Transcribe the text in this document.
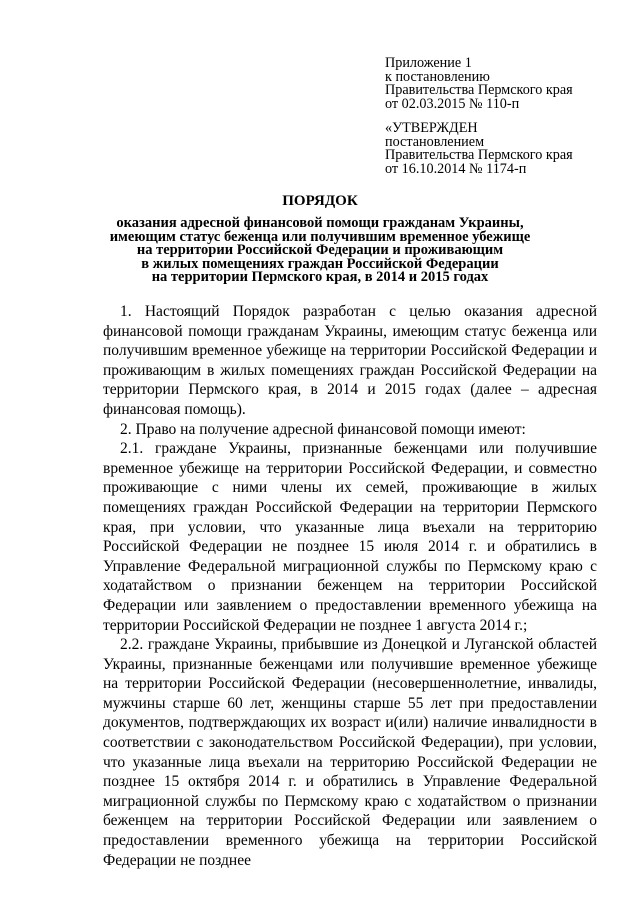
Приложение 1
к постановлению
Правительства Пермского края
от 02.03.2015 № 110-п
«УТВЕРЖДЕН
постановлением
Правительства Пермского края
от 16.10.2014 № 1174-п
ПОРЯДОК
оказания адресной финансовой помощи гражданам Украины,
имеющим статус беженца или получившим временное убежище
на территории Российской Федерации и проживающим
в жилых помещениях граждан Российской Федерации
на территории Пермского края, в 2014 и 2015 годах

1. Настоящий Порядок разработан с целью оказания адресной финансовой помощи гражданам Украины, имеющим статус беженца или получившим временное убежище на территории Российской Федерации и проживающим в жилых помещениях граждан Российской Федерации на территории Пермского края, в 2014 и 2015 годах (далее – адресная финансовая помощь).

2. Право на получение адресной финансовой помощи имеют:

2.1. граждане Украины, признанные беженцами или получившие временное убежище на территории Российской Федерации, и совместно проживающие с ними члены их семей, проживающие в жилых помещениях граждан Российской Федерации на территории Пермского края, при условии, что указанные лица въехали на территорию Российской Федерации не позднее 15 июля 2014 г. и обратились в Управление Федеральной миграционной службы по Пермскому краю с ходатайством о признании беженцем на территории Российской Федерации или заявлением о предоставлении временного убежища на территории Российской Федерации не позднее 1 августа 2014 г.;

2.2. граждане Украины, прибывшие из Донецкой и Луганской областей Украины, признанные беженцами или получившие временное убежище на территории Российской Федерации (несовершеннолетние, инвалиды, мужчины старше 60 лет, женщины старше 55 лет при предоставлении документов, подтверждающих их возраст и(или) наличие инвалидности в соответствии с законодательством Российской Федерации), при условии, что указанные лица въехали на территорию Российской Федерации не позднее 15 октября 2014 г. и обратились в Управление Федеральной миграционной службы по Пермскому краю с ходатайством о признании беженцем на территории Российской Федерации или заявлением о предоставлении временного убежища на территории Российской Федерации не позднее
